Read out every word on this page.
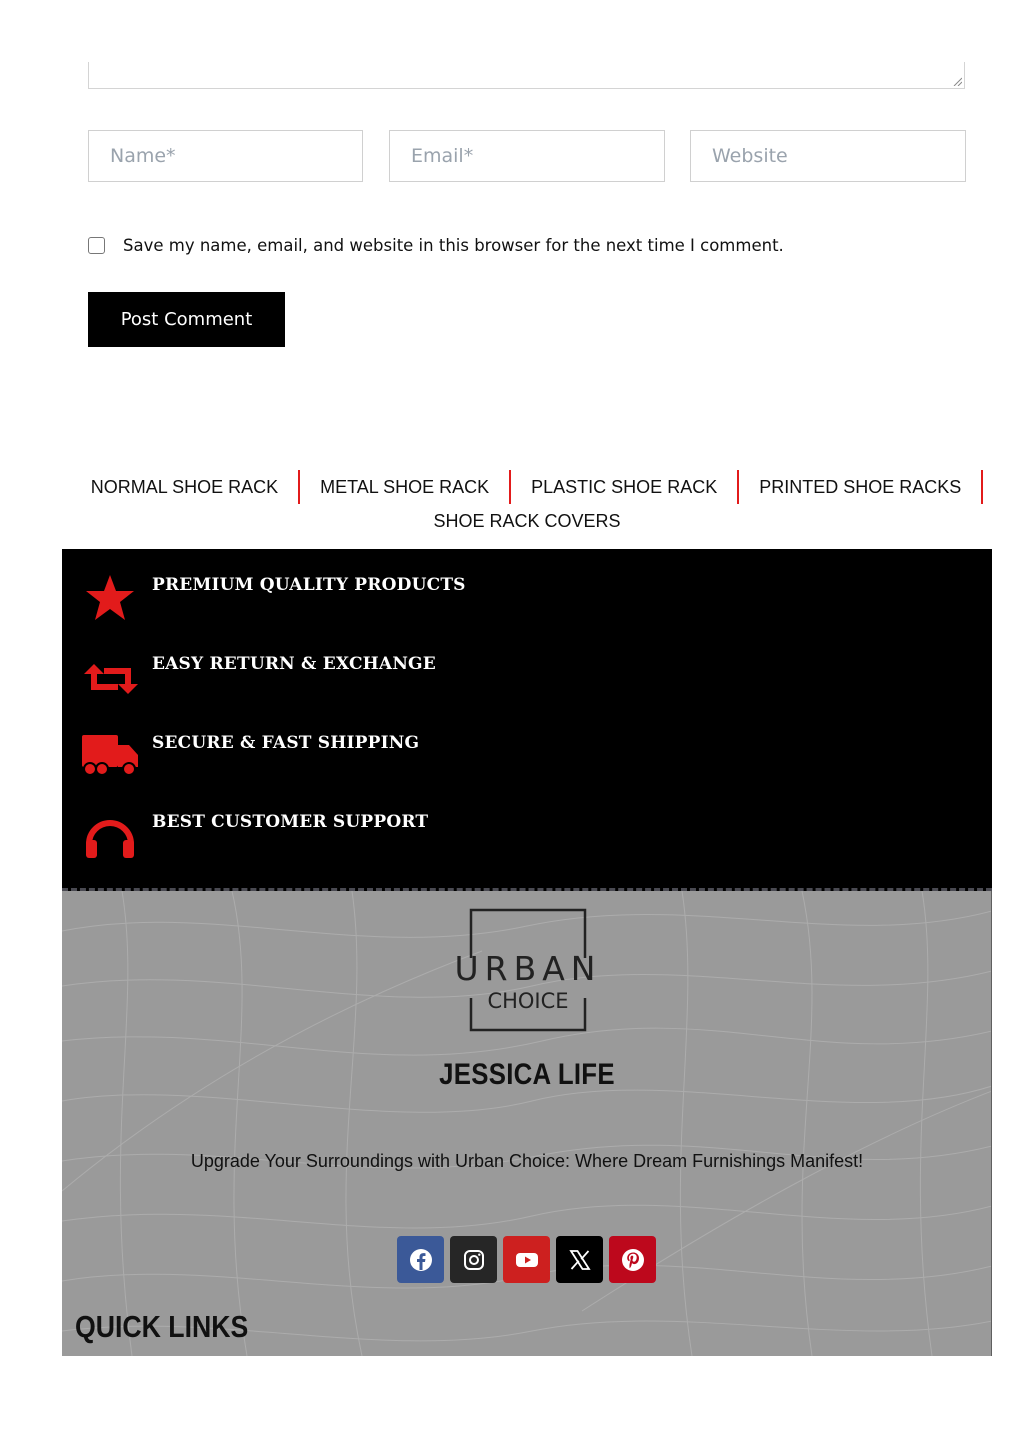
Name*
Email*
Website
Save my name, email, and website in this browser for the next time I comment.
Post Comment
NORMAL SHOE RACK	METAL SHOE RACK	PLASTIC SHOE RACK	PRINTED SHOE RACKS
SHOE RACK COVERS
PREMIUM QUALITY PRODUCTS
EASY RETURN & EXCHANGE
SECURE & FAST SHIPPING
BEST CUSTOMER SUPPORT
URBAN
CHOICE
JESSICA LIFE
Upgrade Your Surroundings with Urban Choice: Where Dream Furnishings Manifest!
QUICK LINKS
